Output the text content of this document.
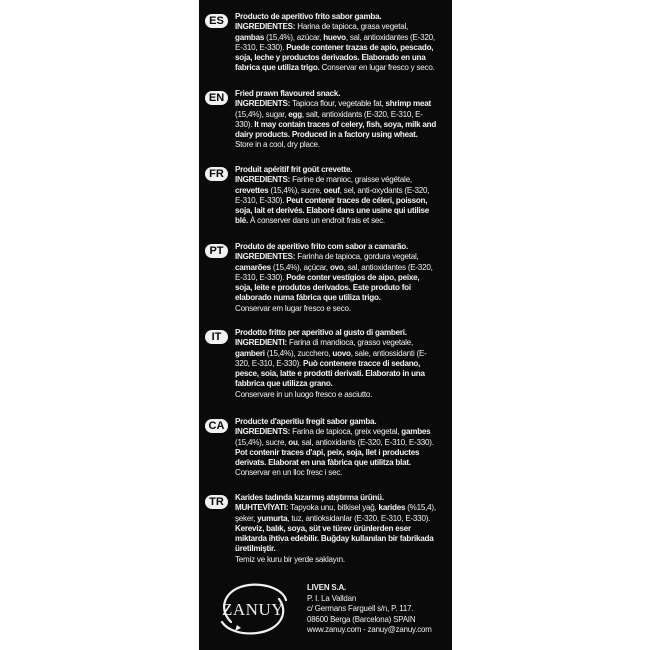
ES	Producto de aperitivo frito sabor gamba.
INGREDIENTES: Harina de tapioca, grasa vegetal, gambas (15,4%), azúcar, huevo, sal, antioxidantes (E-320, E-310, E-330). Puede contener trazas de apio, pescado, soja, leche y productos derivados. Elaborado en una fabrica que utiliza trigo. Conservar en lugar fresco y seco.
EN	Fried prawn flavoured snack.
INGREDIENTS: Tapioca flour, vegetable fat, shrimp meat (15,4%), sugar, egg, salt, antioxidants (E-320, E-310, E-330). It may contain traces of celery, fish, soya, milk and dairy products. Produced in a factory using wheat.
Store in a cool, dry place.
FR	Produit apéritif frit goût crevette.
INGREDIENTS: Farine de manioc, graisse végétale, crevettes (15,4%), sucre, oeuf, sel, anti-oxydants (E-320, E-310, E-330). Peut contenir traces de céleri, poisson, soja, lait et derivés. Elaboré dans une usine qui utilise blé. À conserver dans un endroit frais et sec.
PT	Produto de aperitivo frito com sabor a camarão.
INGREDIENTES: Farinha de tapioca, gordura vegetal, camarões (15,4%), açúcar, ovo, sal, antioxidantes (E-320, E-310, E-330). Pode conter vestígios de aipo, peixe, soja, leite e produtos derivados. Este produto foi elaborado numa fábrica que utiliza trigo.
Conservar em lugar fresco e seco.
IT	Prodotto fritto per aperitivo al gusto di gamberi.
INGREDIENTI: Farina di mandioca, grasso vegetale, gamberi (15,4%), zucchero, uovo, sale, antiossidanti (E-320, E-310, E-330). Può contenere tracce di sedano, pesce, soia, latte e prodotti derivati. Elaborato in una fabbrica que utilizza grano.
Conservare in un luogo fresco e asciutto.
CA	Producte d'aperitiu fregit sabor gamba.
INGREDIENTS: Farina de tapioca, greix vegetal, gambes (15,4%), sucre, ou, sal, antioxidants (E-320, E-310, E-330). Pot contenir traces d'api, peix, soja, llet i productes derivats. Elaborat en una fàbrica que utilitza blat.
Conservar en un lloc fresc i sec.
TR	Karides tadında kızarmış atıştırma ürünü.
MUHTEVİYATI: Tapyoka unu, bitkisel yağ, karides (%15,4), şeker, yumurta, tuz, antioksidanlar (E-320, E-310, E-330). Kereviz, balık, soya, süt ve türev ürünlerden eser miktarda ihtiva edebilir. Buğday kullanılan bir fabrikada üretilmiştir.
Temiz ve kuru bir yerde saklayın.
ZANUY
LIVEN S.A.
P. I. La Valldan
c/ Germans Farguell s/n, P. 117.
08600 Berga (Barcelona) SPAIN
www.zanuy.com - zanuy@zanuy.com
